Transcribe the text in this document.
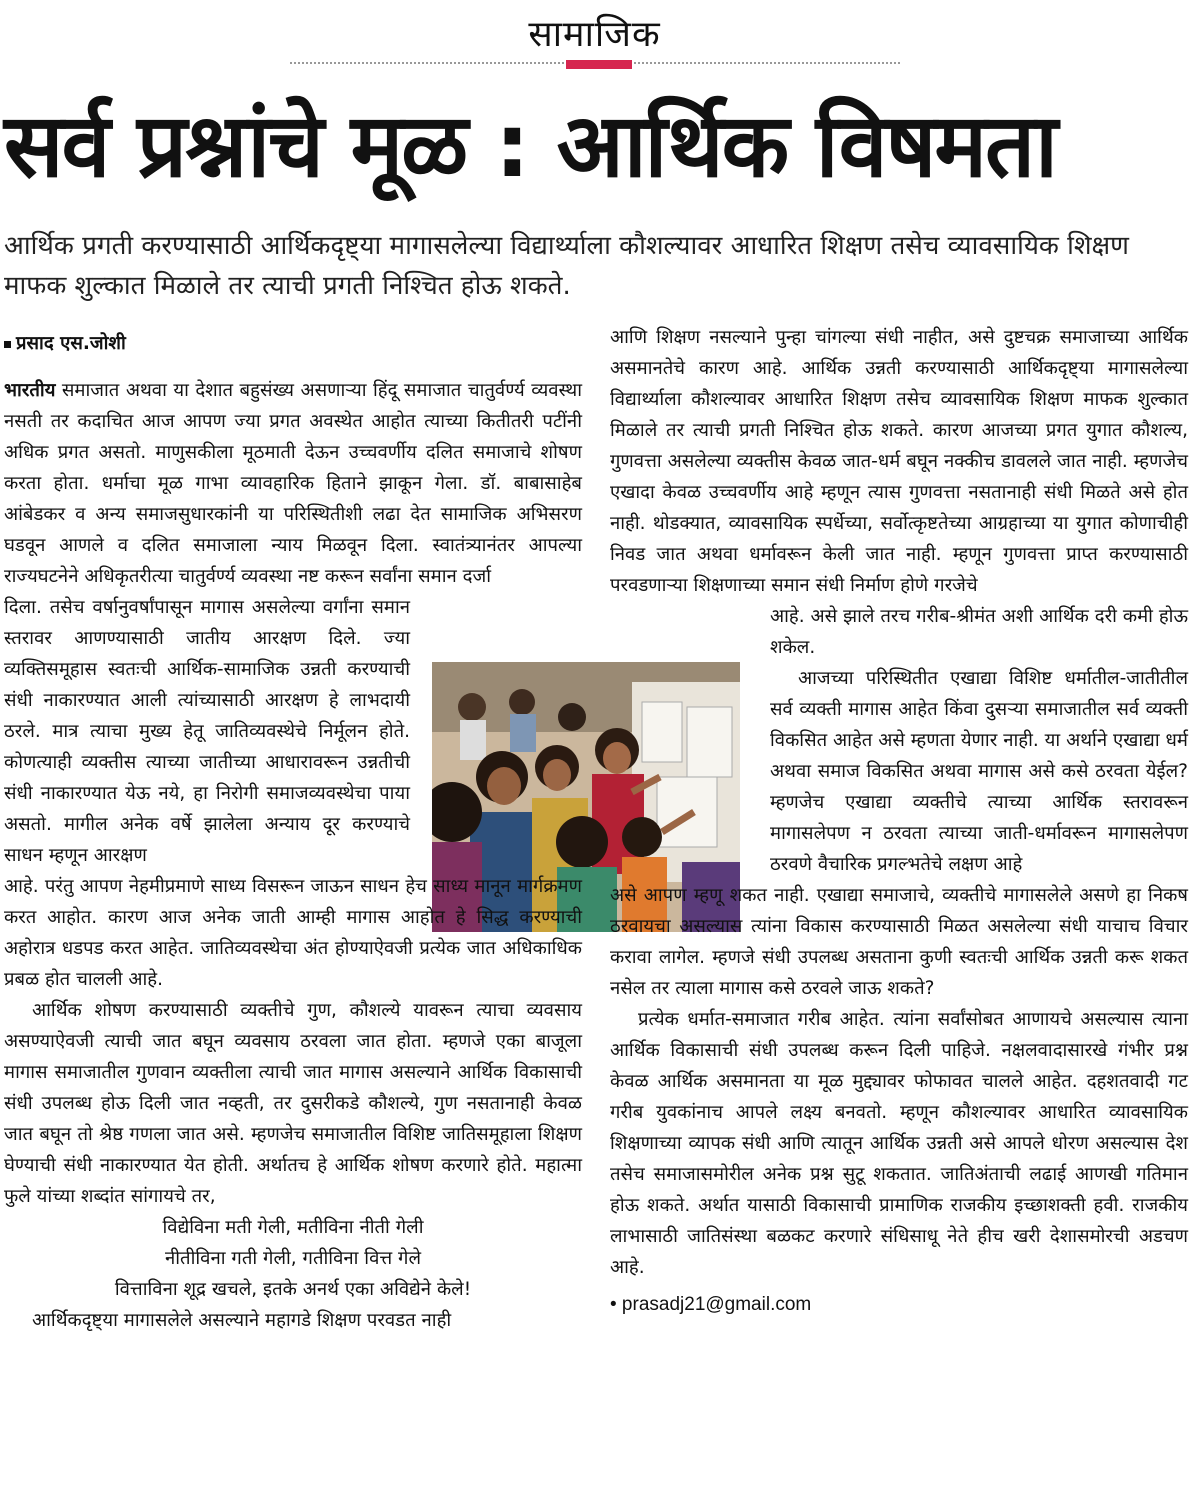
सामाजिक
सर्व प्रश्नांचे मूळ : आर्थिक विषमता
आर्थिक प्रगती करण्यासाठी आर्थिकदृष्ट्या मागासलेल्या विद्यार्थ्याला कौशल्यावर आधारित शिक्षण तसेच व्यावसायिक शिक्षण माफक शुल्कात मिळाले तर त्याची प्रगती निश्चित होऊ शकते.

प्रसाद एस.जोशी

भारतीय समाजात अथवा या देशात बहुसंख्य असणाऱ्या हिंदू समाजात चातुर्वर्ण्य व्यवस्था नसती तर कदाचित आज आपण ज्या प्रगत अवस्थेत आहोत त्याच्या कितीतरी पटींनी अधिक प्रगत असतो. माणुसकीला मूठमाती देऊन उच्चवर्णीय दलित समाजाचे शोषण करता होता. धर्माचा मूळ गाभा व्यावहारिक हिताने झाकून गेला. डॉ. बाबासाहेब आंबेडकर व अन्य समाजसुधारकांनी या परिस्थितीशी लढा देत सामाजिक अभिसरण घडवून आणले व दलित समाजाला न्याय मिळवून दिला. स्वातंत्र्यानंतर आपल्या राज्यघटनेने अधिकृतरीत्या चातुर्वर्ण्य व्यवस्था नष्ट करून सर्वांना समान दर्जा

दिला. तसेच वर्षानुवर्षांपासून मागास असलेल्या वर्गांना समान स्तरावर आणण्यासाठी जातीय आरक्षण दिले. ज्या व्यक्तिसमूहास स्वतःची आर्थिक-सामाजिक उन्नती करण्याची संधी नाकारण्यात आली त्यांच्यासाठी आरक्षण हे लाभदायी ठरले. मात्र त्याचा मुख्य हेतू जातिव्यवस्थेचे निर्मूलन होते. कोणत्याही व्यक्तीस त्याच्या जातीच्या आधारावरून उन्नतीची संधी नाकारण्यात येऊ नये, हा निरोगी समाजव्यवस्थेचा पाया असतो. मागील अनेक वर्षे झालेला अन्याय दूर करण्याचे साधन म्हणून आरक्षण

आहे. परंतु आपण नेहमीप्रमाणे साध्य विसरून जाऊन साधन हेच साध्य मानून मार्गक्रमण करत आहोत. कारण आज अनेक जाती आम्ही मागास आहोत हे सिद्ध करण्याची अहोरात्र धडपड करत आहेत. जातिव्यवस्थेचा अंत होण्याऐवजी प्रत्येक जात अधिकाधिक प्रबळ होत चालली आहे.

आर्थिक शोषण करण्यासाठी व्यक्तीचे गुण, कौशल्ये यावरून त्याचा व्यवसाय असण्याऐवजी त्याची जात बघून व्यवसाय ठरवला जात होता. म्हणजे एका बाजूला मागास समाजातील गुणवान व्यक्तीला त्याची जात मागास असल्याने आर्थिक विकासाची संधी उपलब्ध होऊ दिली जात नव्हती, तर दुसरीकडे कौशल्ये, गुण नसतानाही केवळ जात बघून तो श्रेष्ठ गणला जात असे. म्हणजेच समाजातील विशिष्ट जातिसमूहाला शिक्षण घेण्याची संधी नाकारण्यात येत होती. अर्थातच हे आर्थिक शोषण करणारे होते. महात्मा फुले यांच्या शब्दांत सांगायचे तर,

विद्येविना मती गेली, मतीविना नीती गेली

नीतीविना गती गेली, गतीविना वित्त गेले

वित्ताविना शूद्र खचले, इतके अनर्थ एका अविद्येने केले!

आर्थिकदृष्ट्या मागासलेले असल्याने महागडे शिक्षण परवडत नाही

आणि शिक्षण नसल्याने पुन्हा चांगल्या संधी नाहीत, असे दुष्टचक्र समाजाच्या आर्थिक असमानतेचे कारण आहे. आर्थिक उन्नती करण्यासाठी आर्थिकदृष्ट्या मागासलेल्या विद्यार्थ्याला कौशल्यावर आधारित शिक्षण तसेच व्यावसायिक शिक्षण माफक शुल्कात मिळाले तर त्याची प्रगती निश्चित होऊ शकते. कारण आजच्या प्रगत युगात कौशल्य, गुणवत्ता असलेल्या व्यक्तीस केवळ जात-धर्म बघून नक्कीच डावलले जात नाही. म्हणजेच एखादा केवळ उच्चवर्णीय आहे म्हणून त्यास गुणवत्ता नसतानाही संधी मिळते असे होत नाही. थोडक्यात, व्यावसायिक स्पर्धेच्या, सर्वोत्कृष्टतेच्या आग्रहाच्या या युगात कोणाचीही निवड जात अथवा धर्मावरून केली जात नाही. म्हणून गुणवत्ता प्राप्त करण्यासाठी परवडणाऱ्या शिक्षणाच्या समान संधी निर्माण होणे गरजेचे

आहे. असे झाले तरच गरीब-श्रीमंत अशी आर्थिक दरी कमी होऊ शकेल.

आजच्या परिस्थितीत एखाद्या विशिष्ट धर्मातील-जातीतील सर्व व्यक्ती मागास आहेत किंवा दुसऱ्या समाजातील सर्व व्यक्ती विकसित आहेत असे म्हणता येणार नाही. या अर्थाने एखाद्या धर्म अथवा समाज विकसित अथवा मागास असे कसे ठरवता येईल? म्हणजेच एखाद्या व्यक्तीचे त्याच्या आर्थिक स्तरावरून मागासलेपण न ठरवता त्याच्या जाती-धर्मावरून मागासलेपण ठरवणे वैचारिक प्रगल्भतेचे लक्षण आहे

असे आपण म्हणू शकत नाही. एखाद्या समाजाचे, व्यक्तीचे मागासलेले असणे हा निकष ठरवायचा असल्यास त्यांना विकास करण्यासाठी मिळत असलेल्या संधी याचाच विचार करावा लागेल. म्हणजे संधी उपलब्ध असताना कुणी स्वतःची आर्थिक उन्नती करू शकत नसेल तर त्याला मागास कसे ठरवले जाऊ शकते?

प्रत्येक धर्मात-समाजात गरीब आहेत. त्यांना सर्वांसोबत आणायचे असल्यास त्याना आर्थिक विकासाची संधी उपलब्ध करून दिली पाहिजे. नक्षलवादासारखे गंभीर प्रश्न केवळ आर्थिक असमानता या मूळ मुद्द्यावर फोफावत चालले आहेत. दहशतवादी गट गरीब युवकांनाच आपले लक्ष्य बनवतो. म्हणून कौशल्यावर आधारित व्यावसायिक शिक्षणाच्या व्यापक संधी आणि त्यातून आर्थिक उन्नती असे आपले धोरण असल्यास देश तसेच समाजासमोरील अनेक प्रश्न सुटू शकतात. जातिअंताची लढाई आणखी गतिमान होऊ शकते. अर्थात यासाठी विकासाची प्रामाणिक राजकीय इच्छाशक्ती हवी. राजकीय लाभासाठी जातिसंस्था बळकट करणारे संधिसाधू नेते हीच खरी देशासमोरची अडचण आहे.

• prasadj21@gmail.com
